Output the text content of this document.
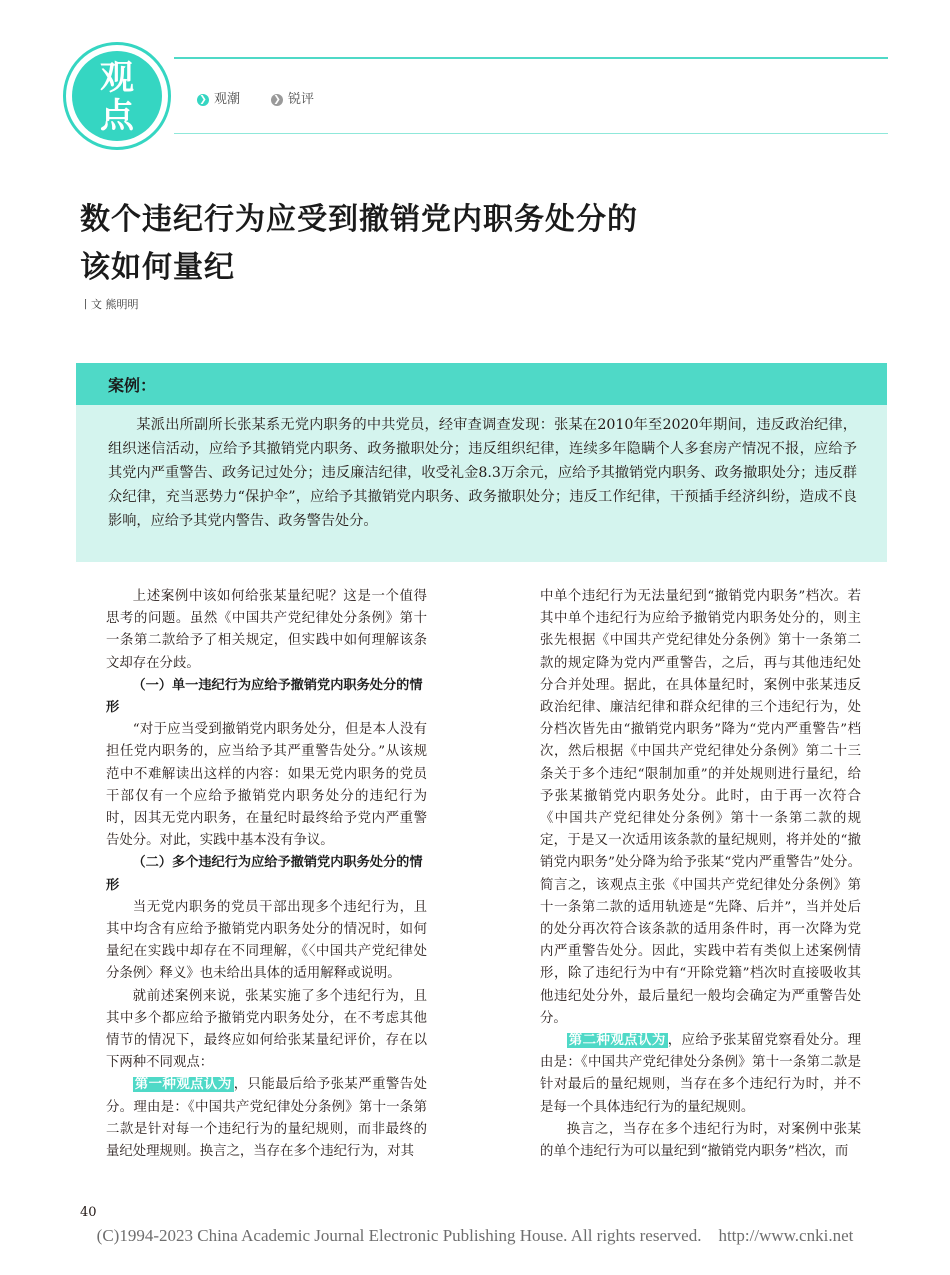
观
点	❯ 观潮	❯ 锐评
数个违纪行为应受到撤销党内职务处分的
该如何量纪
丨文 熊明明
案例：

某派出所副所长张某系无党内职务的中共党员，经审查调查发现：张某在2010年至2020年期间，违反政治纪律，组织迷信活动，应给予其撤销党内职务、政务撤职处分；违反组织纪律，连续多年隐瞒个人多套房产情况不报，应给予其党内严重警告、政务记过处分；违反廉洁纪律，收受礼金8.3万余元，应给予其撤销党内职务、政务撤职处分；违反群众纪律，充当恶势力“保护伞”，应给予其撤销党内职务、政务撤职处分；违反工作纪律，干预插手经济纠纷，造成不良影响，应给予其党内警告、政务警告处分。

上述案例中该如何给张某量纪呢？这是一个值得思考的问题。虽然《中国共产党纪律处分条例》第十一条第二款给予了相关规定，但实践中如何理解该条文却存在分歧。

（一）单一违纪行为应给予撤销党内职务处分的情形

“对于应当受到撤销党内职务处分，但是本人没有担任党内职务的，应当给予其严重警告处分。”从该规范中不难解读出这样的内容：如果无党内职务的党员干部仅有一个应给予撤销党内职务处分的违纪行为时，因其无党内职务，在量纪时最终给予党内严重警告处分。对此，实践中基本没有争议。

（二）多个违纪行为应给予撤销党内职务处分的情形

当无党内职务的党员干部出现多个违纪行为，且其中均含有应给予撤销党内职务处分的情况时，如何量纪在实践中却存在不同理解，《〈中国共产党纪律处分条例〉释义》也未给出具体的适用解释或说明。

就前述案例来说，张某实施了多个违纪行为，且其中多个都应给予撤销党内职务处分，在不考虑其他情节的情况下，最终应如何给张某量纪评价，存在以下两种不同观点：

第一种观点认为 ，只能最后给予张某严重警告处分。理由是：《中国共产党纪律处分条例》第十一条第二款是针对每一个违纪行为的量纪规则，而非最终的量纪处理规则。换言之，当存在多个违纪行为，对其

中单个违纪行为无法量纪到“撤销党内职务”档次。若其中单个违纪行为应给予撤销党内职务处分的，则主张先根据《中国共产党纪律处分条例》第十一条第二款的规定降为党内严重警告，之后，再与其他违纪处分合并处理。据此，在具体量纪时，案例中张某违反政治纪律、廉洁纪律和群众纪律的三个违纪行为，处分档次皆先由“撤销党内职务”降为“党内严重警告”档次，然后根据《中国共产党纪律处分条例》第二十三条关于多个违纪“限制加重”的并处规则进行量纪，给予张某撤销党内职务处分。此时，由于再一次符合《中国共产党纪律处分条例》第十一条第二款的规定，于是又一次适用该条款的量纪规则，将并处的“撤销党内职务”处分降为给予张某“党内严重警告”处分。简言之，该观点主张《中国共产党纪律处分条例》第十一条第二款的适用轨迹是“先降、后并”，当并处后的处分再次符合该条款的适用条件时，再一次降为党内严重警告处分。因此，实践中若有类似上述案例情形，除了违纪行为中有“开除党籍”档次时直接吸收其他违纪处分外，最后量纪一般均会确定为严重警告处分。

第二种观点认为 ，应给予张某留党察看处分。理由是：《中国共产党纪律处分条例》第十一条第二款是针对最后的量纪规则，当存在多个违纪行为时，并不是每一个具体违纪行为的量纪规则。

换言之，当存在多个违纪行为时，对案例中张某的单个违纪行为可以量纪到“撤销党内职务”档次，而

40
(C)1994-2023 China Academic Journal Electronic Publishing House. All rights reserved.    http://www.cnki.net
